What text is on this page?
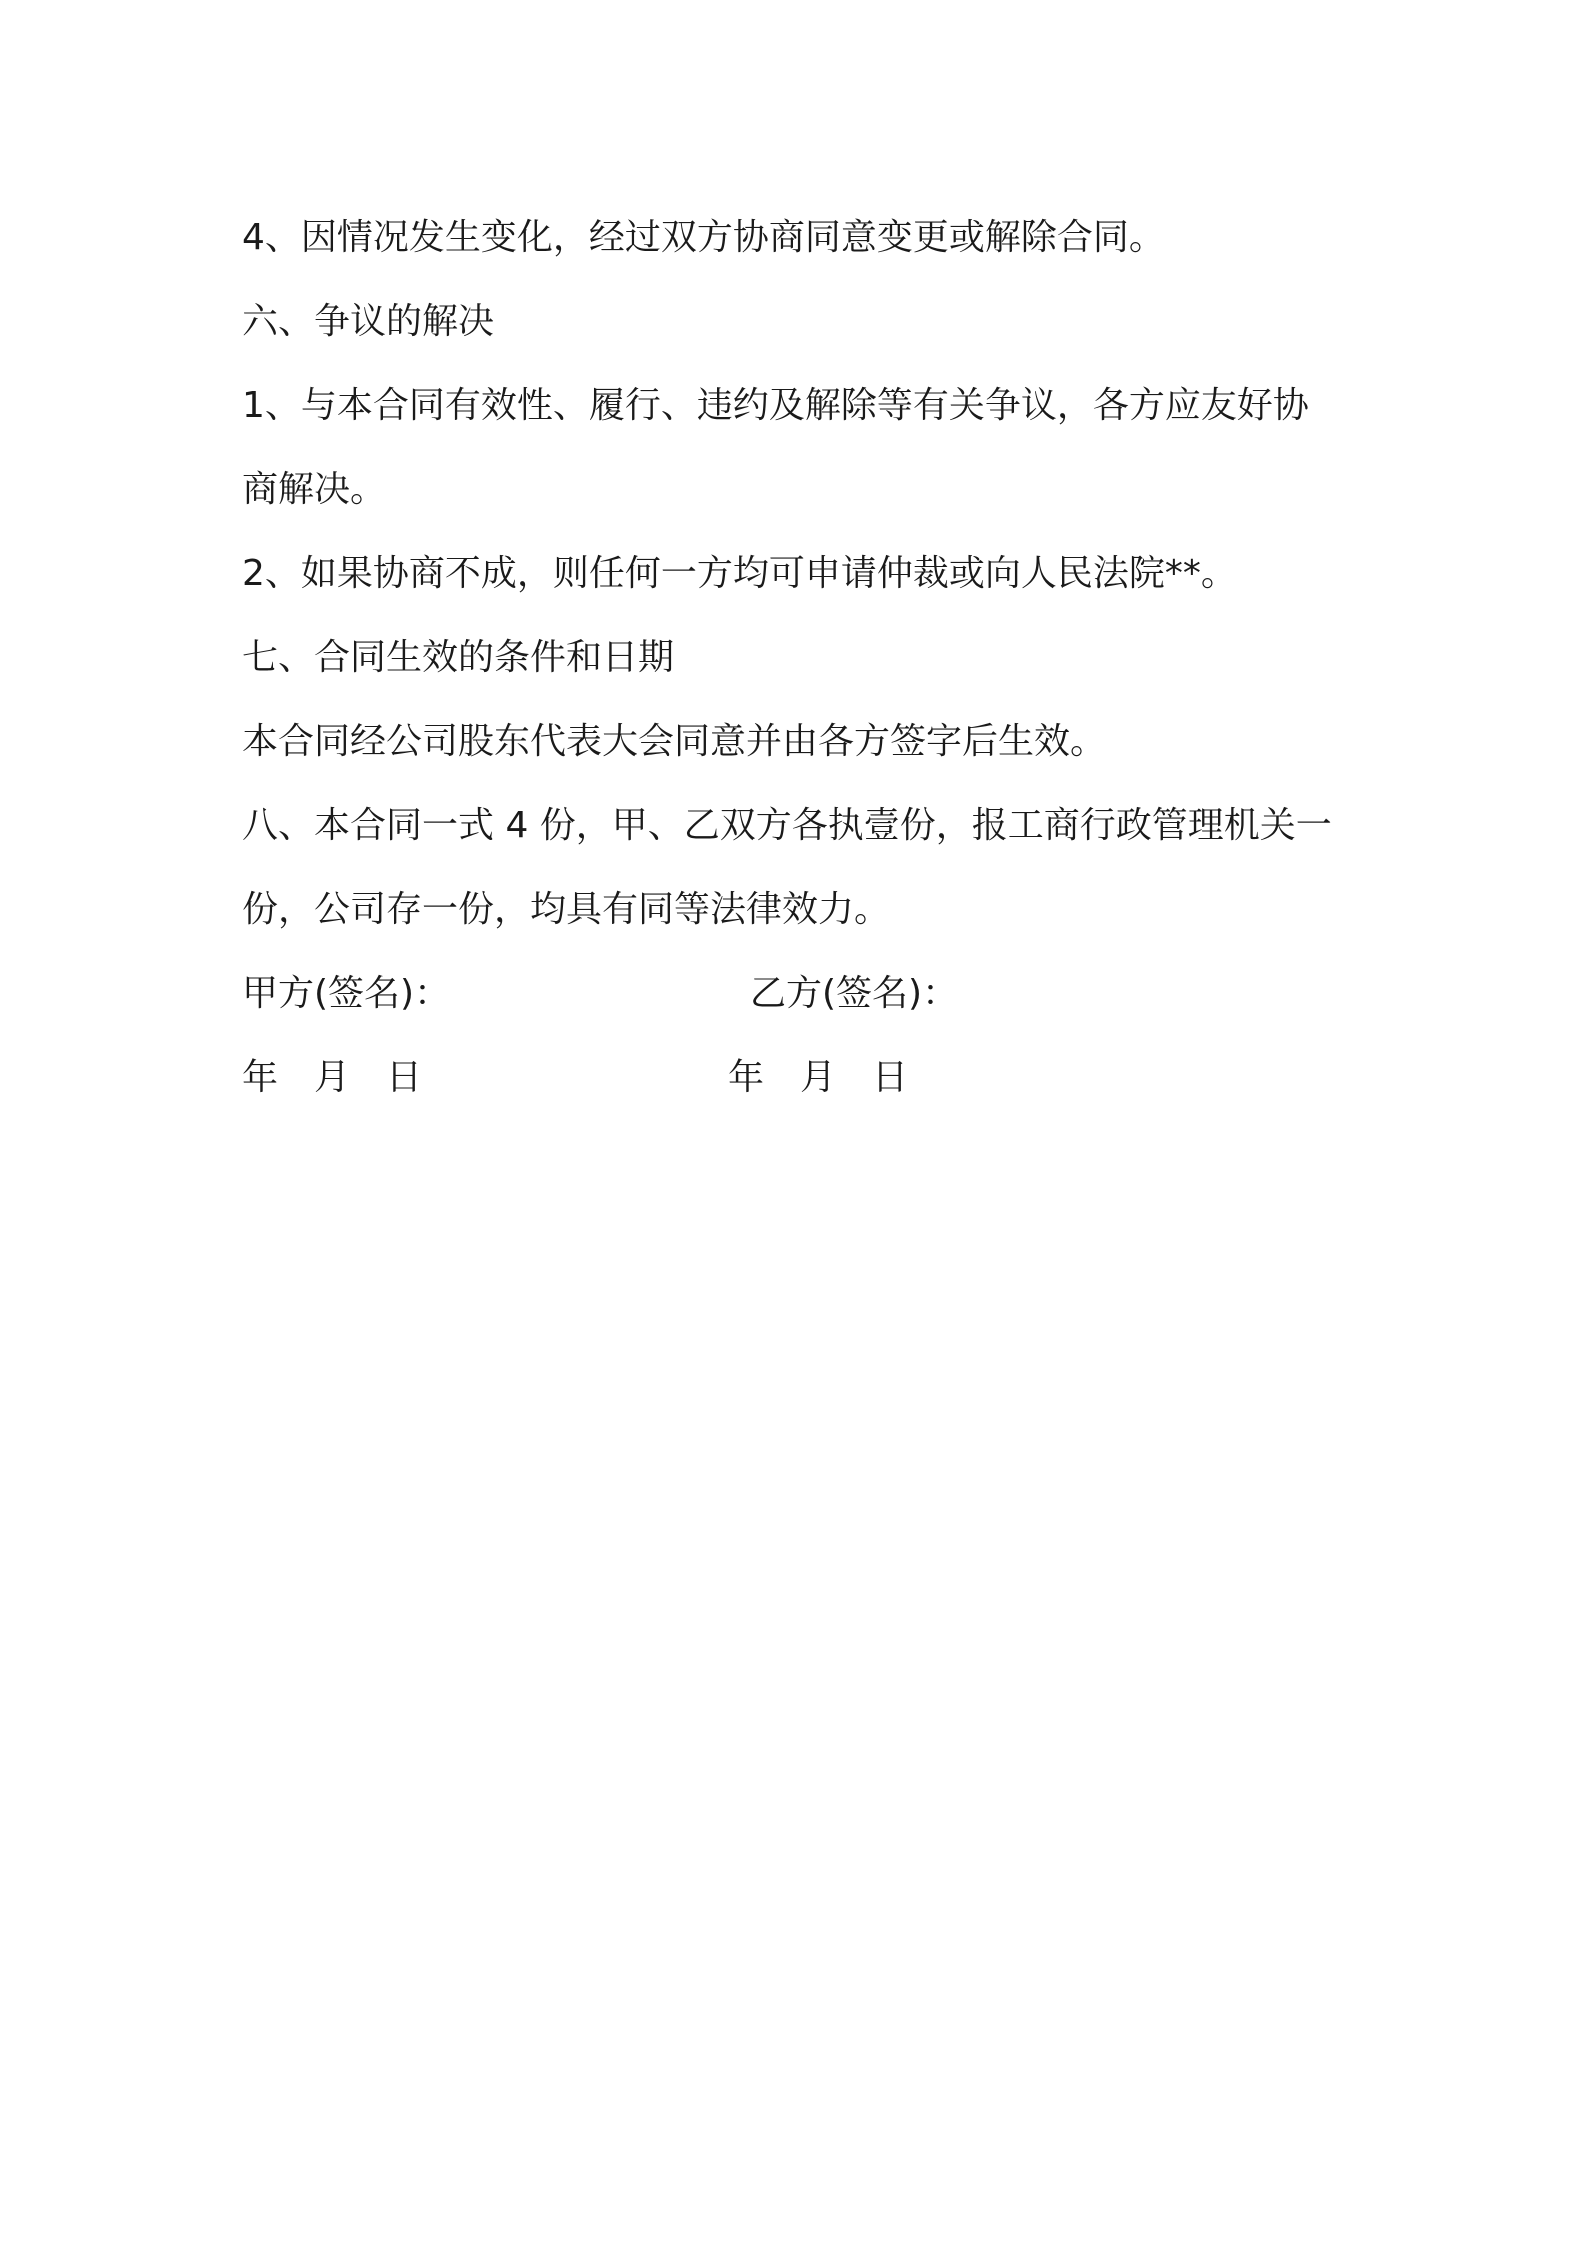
4、因情况发生变化，经过双方协商同意变更或解除合同。
六、争议的解决
1、与本合同有效性、履行、违约及解除等有关争议，各方应友好协
商解决。
2、如果协商不成，则任何一方均可申请仲裁或向人民法院**。
七、合同生效的条件和日期
本合同经公司股东代表大会同意并由各方签字后生效。
八、本合同一式 4 份，甲、乙双方各执壹份，报工商行政管理机关一
份，公司存一份，均具有同等法律效力。
甲方(签名)：	乙方(签名)：
年 月 日	年 月 日
